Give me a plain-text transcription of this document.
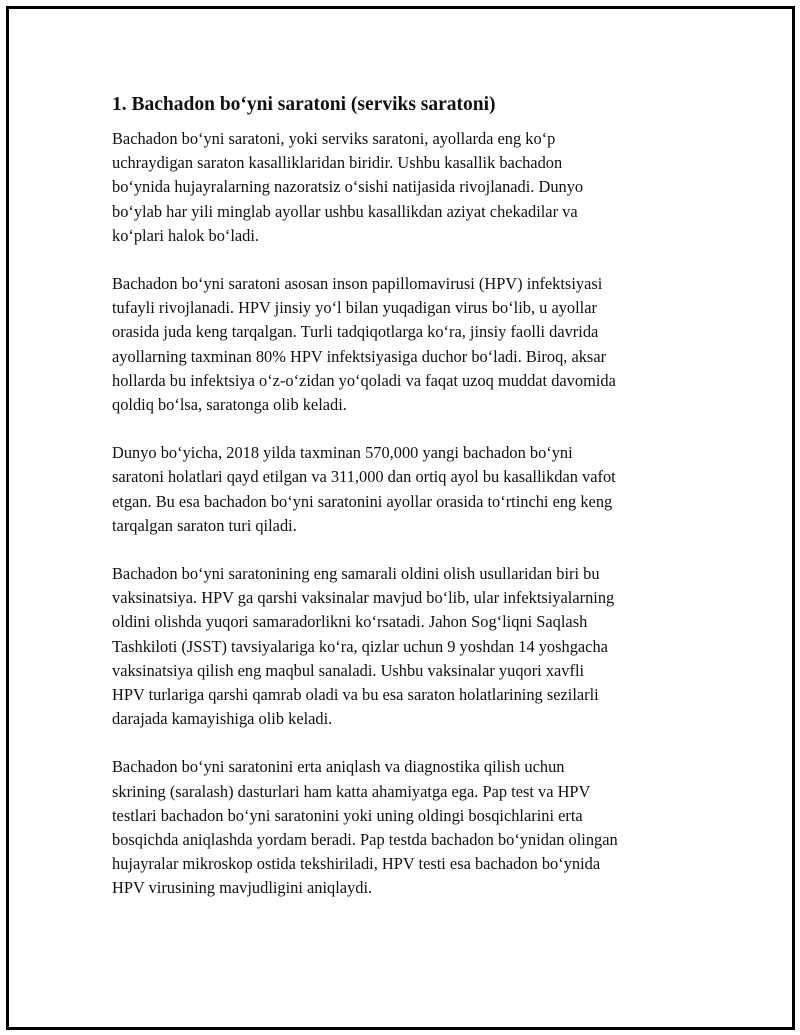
1. Bachadon bo‘yni saratoni (serviks saratoni)

Bachadon bo‘yni saratoni, yoki serviks saratoni, ayollarda eng ko‘p
uchraydigan saraton kasalliklaridan biridir. Ushbu kasallik bachadon
bo‘ynida hujayralarning nazoratsiz o‘sishi natijasida rivojlanadi. Dunyo
bo‘ylab har yili minglab ayollar ushbu kasallikdan aziyat chekadilar va
ko‘plari halok bo‘ladi.

Bachadon bo‘yni saratoni asosan inson papillomavirusi (HPV) infektsiyasi
tufayli rivojlanadi. HPV jinsiy yo‘l bilan yuqadigan virus bo‘lib, u ayollar
orasida juda keng tarqalgan. Turli tadqiqotlarga ko‘ra, jinsiy faolli davrida
ayollarning taxminan 80% HPV infektsiyasiga duchor bo‘ladi. Biroq, aksar
hollarda bu infektsiya o‘z-o‘zidan yo‘qoladi va faqat uzoq muddat davomida
qoldiq bo‘lsa, saratonga olib keladi.

Dunyo bo‘yicha, 2018 yilda taxminan 570,000 yangi bachadon bo‘yni
saratoni holatlari qayd etilgan va 311,000 dan ortiq ayol bu kasallikdan vafot
etgan. Bu esa bachadon bo‘yni saratonini ayollar orasida to‘rtinchi eng keng
tarqalgan saraton turi qiladi.

Bachadon bo‘yni saratonining eng samarali oldini olish usullaridan biri bu
vaksinatsiya. HPV ga qarshi vaksinalar mavjud bo‘lib, ular infektsiyalarning
oldini olishda yuqori samaradorlikni ko‘rsatadi. Jahon Sog‘liqni Saqlash
Tashkiloti (JSST) tavsiyalariga ko‘ra, qizlar uchun 9 yoshdan 14 yoshgacha
vaksinatsiya qilish eng maqbul sanaladi. Ushbu vaksinalar yuqori xavfli
HPV turlariga qarshi qamrab oladi va bu esa saraton holatlarining sezilarli
darajada kamayishiga olib keladi.

Bachadon bo‘yni saratonini erta aniqlash va diagnostika qilish uchun
skrining (saralash) dasturlari ham katta ahamiyatga ega. Pap test va HPV
testlari bachadon bo‘yni saratonini yoki uning oldingi bosqichlarini erta
bosqichda aniqlashda yordam beradi. Pap testda bachadon bo‘ynidan olingan
hujayralar mikroskop ostida tekshiriladi, HPV testi esa bachadon bo‘ynida
HPV virusining mavjudligini aniqlaydi.
